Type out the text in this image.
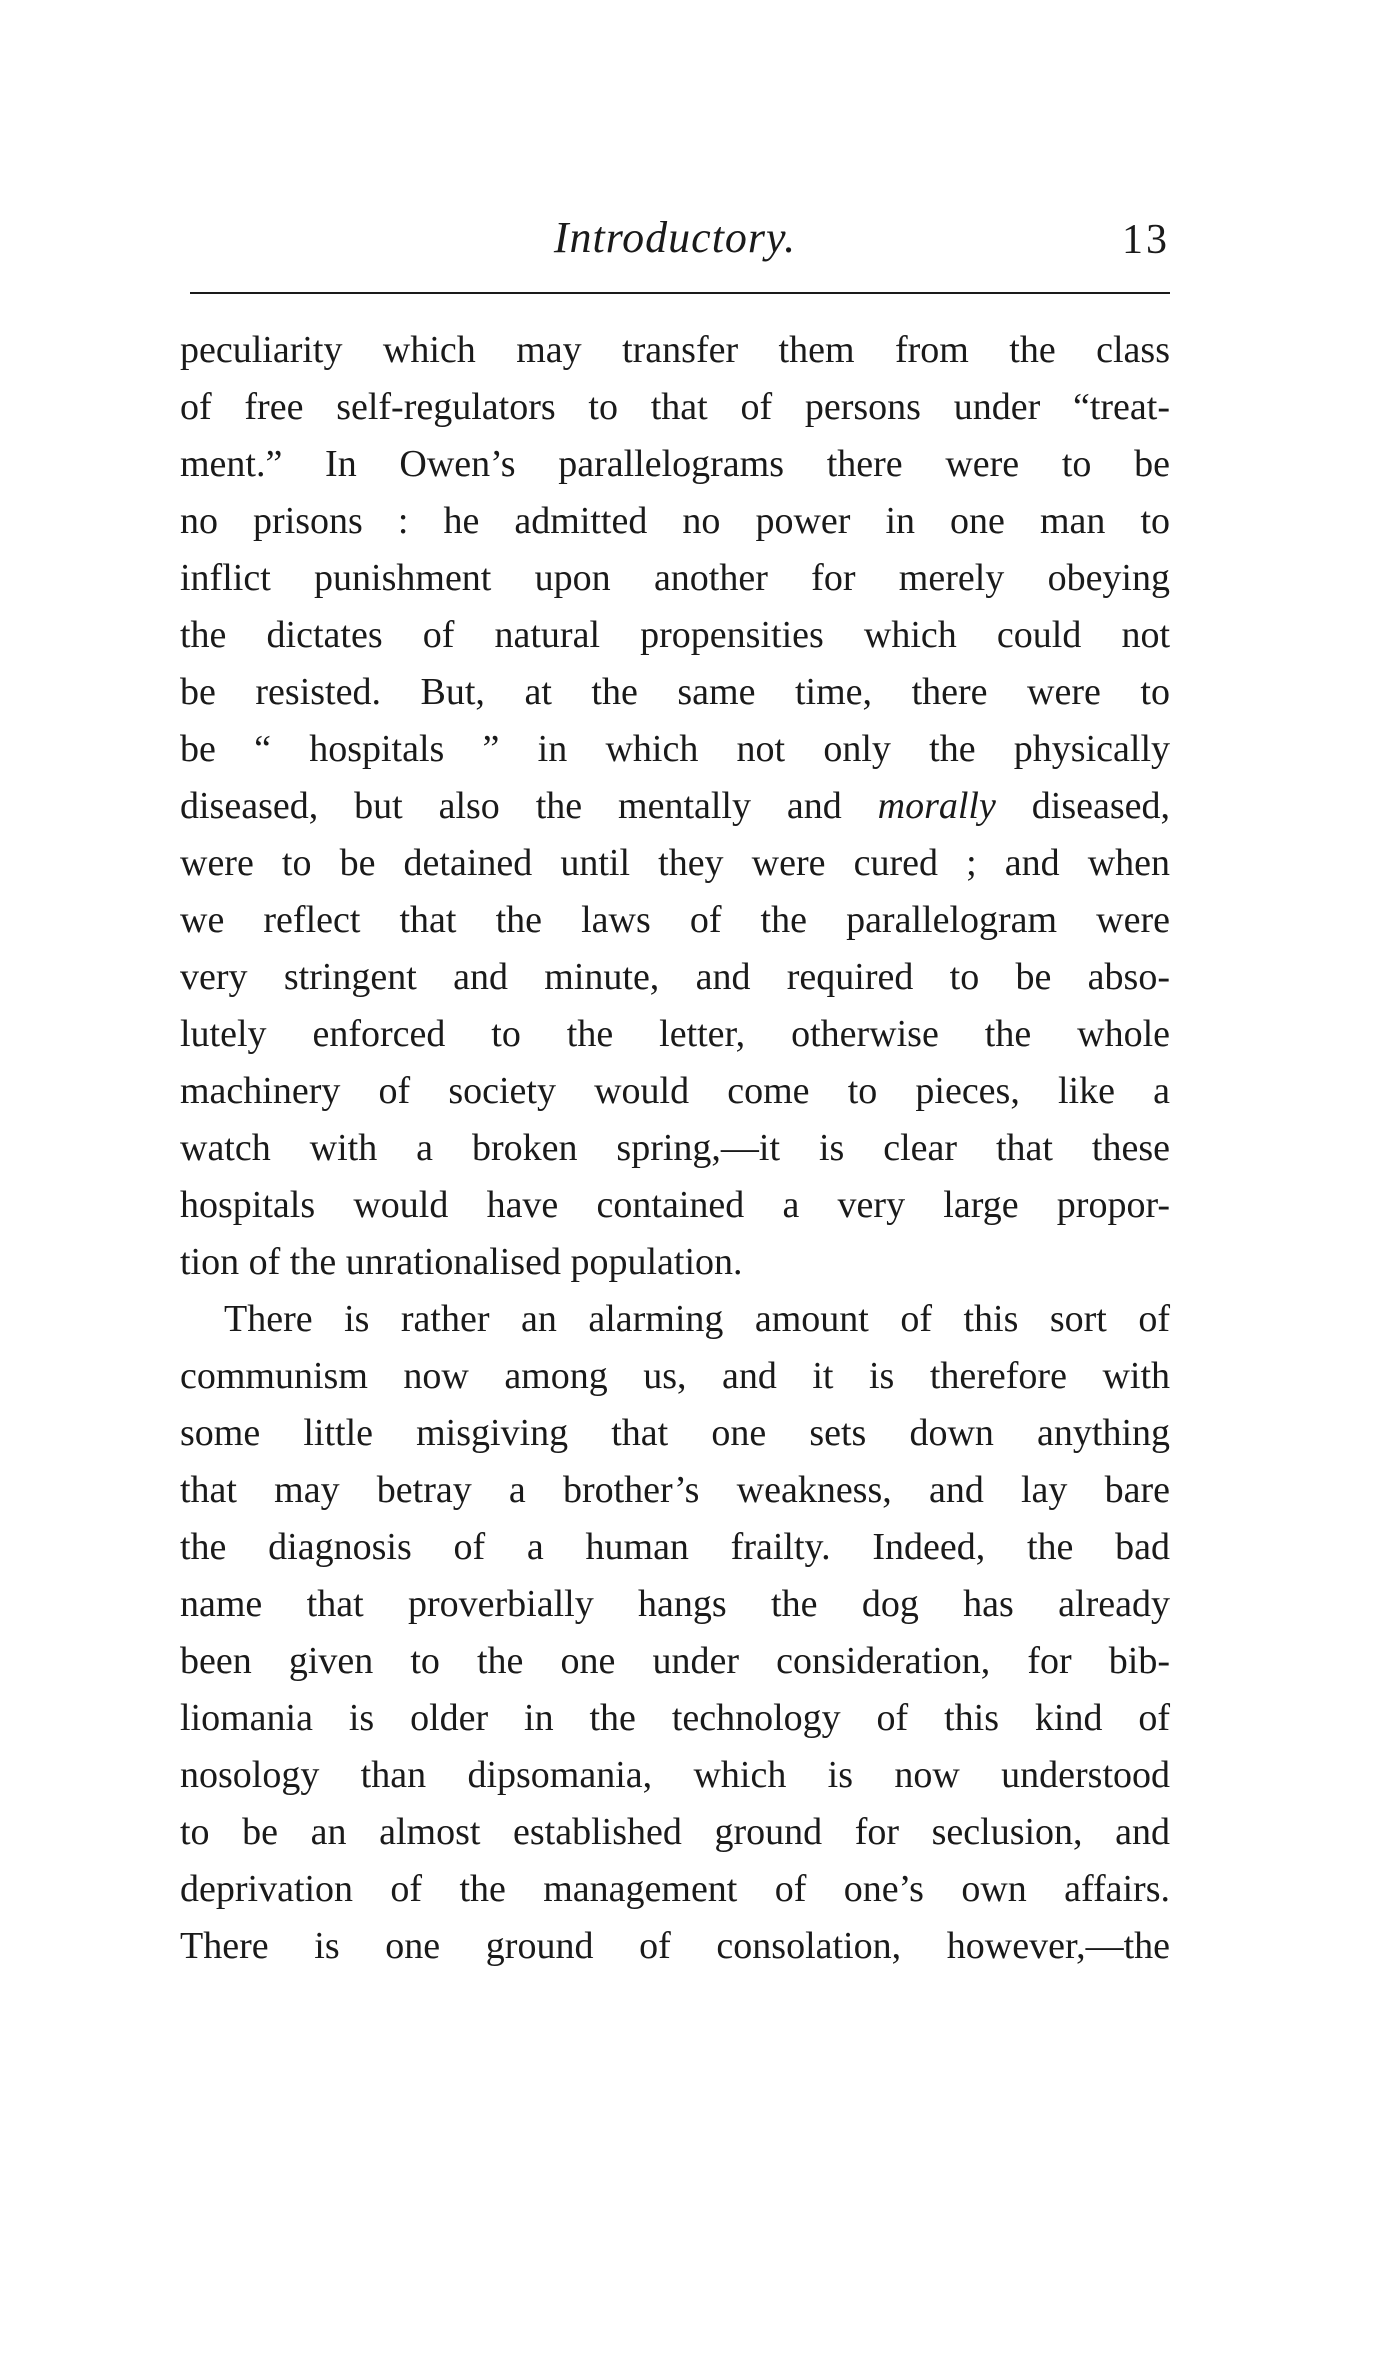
Introductory.	13
peculiarity which may transfer them from the class
of free self-regulators to that of persons under “treat-
ment.” In Owen’s parallelograms there were to be
no prisons : he admitted no power in one man to
inflict punishment upon another for merely obeying
the dictates of natural propensities which could not
be resisted. But, at the same time, there were to
be “ hospitals ” in which not only the physically
diseased, but also the mentally and morally diseased,
were to be detained until they were cured ; and when
we reflect that the laws of the parallelogram were
very stringent and minute, and required to be abso-
lutely enforced to the letter, otherwise the whole
machinery of society would come to pieces, like a
watch with a broken spring,—it is clear that these
hospitals would have contained a very large propor-
tion of the unrationalised population.
There is rather an alarming amount of this sort of
communism now among us, and it is therefore with
some little misgiving that one sets down anything
that may betray a brother’s weakness, and lay bare
the diagnosis of a human frailty. Indeed, the bad
name that proverbially hangs the dog has already
been given to the one under consideration, for bib-
liomania is older in the technology of this kind of
nosology than dipsomania, which is now understood
to be an almost established ground for seclusion, and
deprivation of the management of one’s own affairs.
There is one ground of consolation, however,—the
